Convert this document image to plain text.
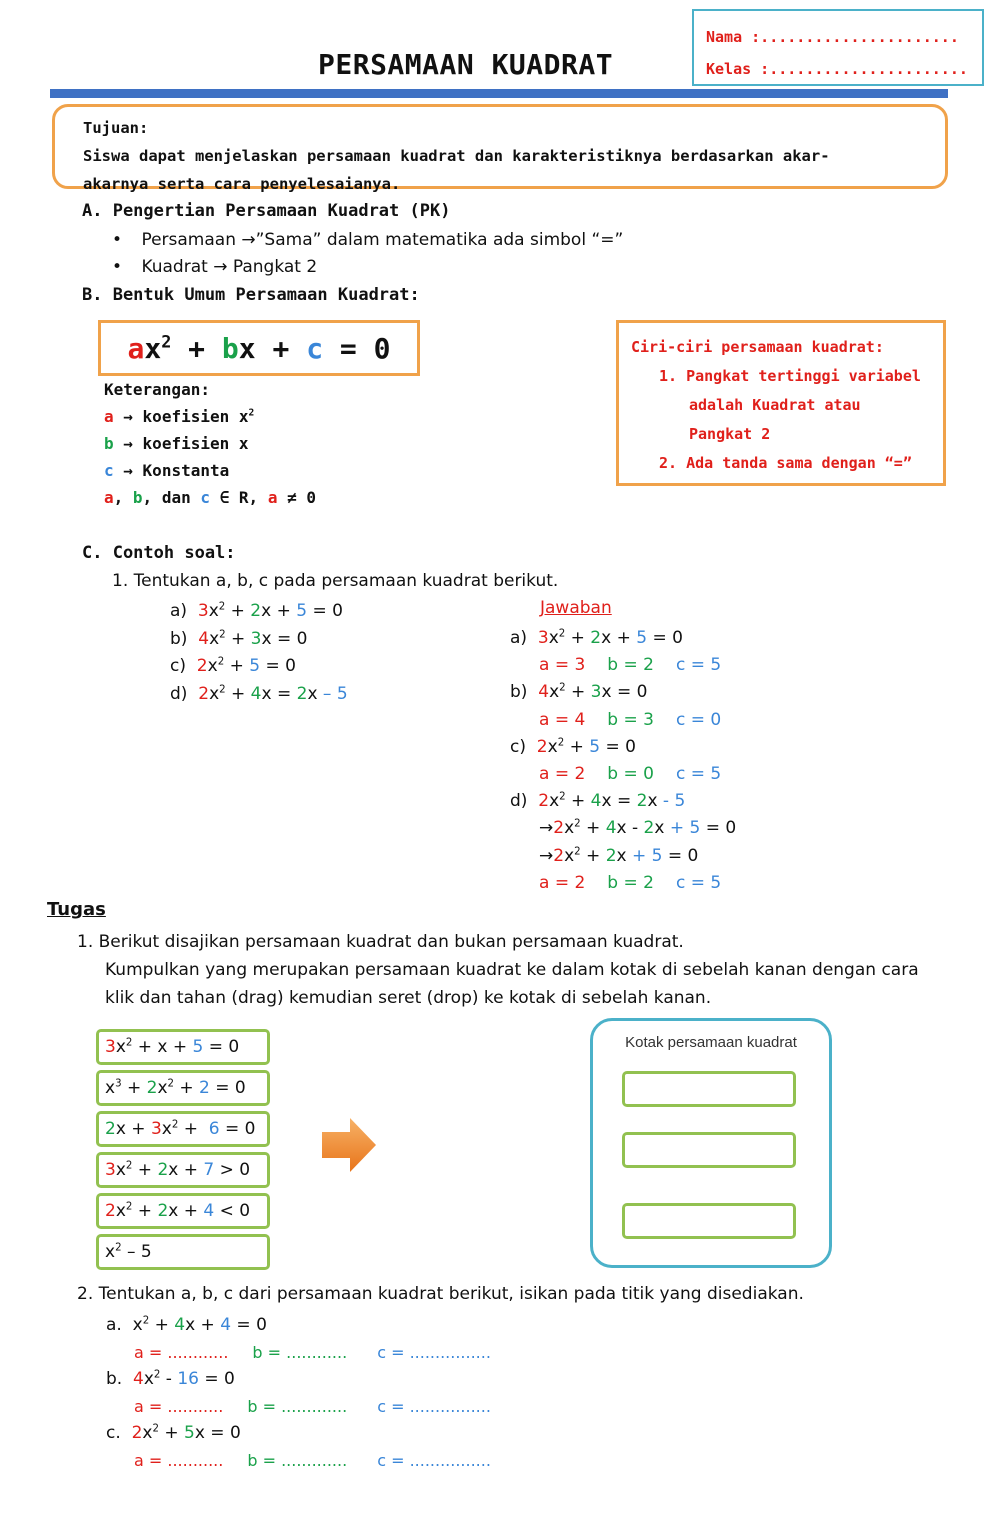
Nama :......................
Kelas :......................
PERSAMAAN KUADRAT
Tujuan:
Siswa dapat menjelaskan persamaan kuadrat dan karakteristiknya berdasarkan akar-
akarnya serta cara penyelesaianya.
A. Pengertian Persamaan Kuadrat (PK)
• Persamaan →”Sama” dalam matematika ada simbol “=”
• Kuadrat → Pangkat 2
B. Bentuk Umum Persamaan Kuadrat:
$ax^2$ + bx + c = 0
Keterangan:
a → koefisien $x^2$
b → koefisien x
c → Konstanta
a, b, dan c ∈ R, a ≠ 0
Ciri-ciri persamaan kuadrat:
1. Pangkat tertinggi variabel
adalah Kuadrat atau
Pangkat 2
2. Ada tanda sama dengan “=”
C. Contoh soal:
1. Tentukan a, b, c pada persamaan kuadrat berikut.
a)  $3x^2 + 2x + 5 = 0$
b)  $4x^2 + 3x = 0$
c)  $2x^2 + 5 = 0$
d)  $2x^2 + 4x = 2x - 5$
Jawaban
a)  $3x^2 + 2x + 5 = 0$
a = 3 b = 2 c = 5
b)  $4x^2 + 3x = 0$
a = 4 b = 3 c = 0
c)  $2x^2 + 5 = 0$
a = 2 b = 0 c = 5
d)  $2x^2 + 4x = 2x - 5$
$\to 2x^2 + 4x - 2x + 5 = 0$
$\to 2x^2 + 2x + 5 = 0$
a = 2 b = 2 c = 5
Tugas
1. Berikut disajikan persamaan kuadrat dan bukan persamaan kuadrat.
Kumpulkan yang merupakan persamaan kuadrat ke dalam kotak di sebelah kanan dengan cara
klik dan tahan (drag) kemudian seret (drop) ke kotak di sebelah kanan.
$3x^2 + x + 5 = 0$
$x^3 + 2x^2 + 2 = 0$
$2x + 3x^2 + 6 = 0$
$3x^2 + 2x + 7 > 0$
$2x^2 + 2x + 4 < 0$
$x^2 - 5$
Kotak persamaan kuadrat
2. Tentukan a, b, c dari persamaan kuadrat berikut, isikan pada titik yang disediakan.
a.  $x^2 + 4x + 4 = 0$
a = ............ b = ............ c = ................
b.  $4x^2 - 16 = 0$
a = ........... b = ............. c = ................
c.  $2x^2 + 5x = 0$
a = ........... b = ............. c = ................
